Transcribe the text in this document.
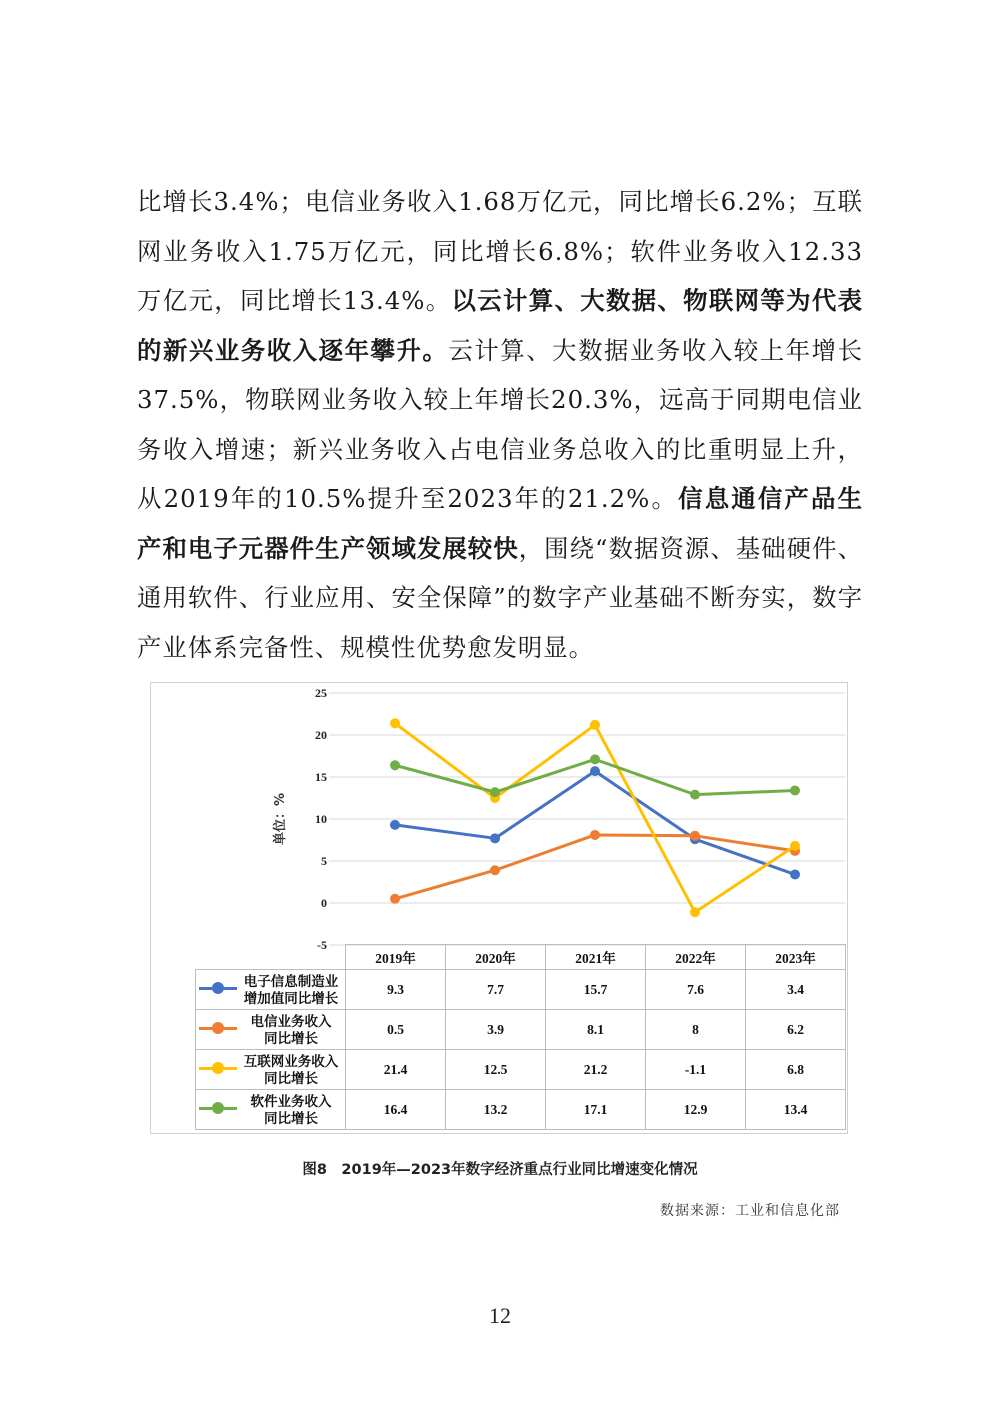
比增长3.4%；电信业务收入1.68万亿元，同比增长6.2%；互联网业务收入1.75万亿元，同比增长6.8%；软件业务收入12.33万亿元，同比增长13.4%。以云计算、大数据、物联网等为代表的新兴业务收入逐年攀升。云计算、大数据业务收入较上年增长37.5%，物联网业务收入较上年增长20.3%，远高于同期电信业务收入增速；新兴业务收入占电信业务总收入的比重明显上升，从2019年的10.5%提升至2023年的21.2%。信息通信产品生产和电子元器件生产领域发展较快，围绕“数据资源、基础硬件、通用软件、行业应用、安全保障”的数字产业基础不断夯实，数字产业体系完备性、规模性优势愈发明显。

25
20
15
10
5
0
-5
单位：%
	2019年	2020年	2021年	2022年	2023年

电子信息制造业
增加值同比增长	9.3	7.7	15.7	7.6	3.4

电信业务收入
同比增长	0.5	3.9	8.1	8	6.2

互联网业务收入
同比增长	21.4	12.5	21.2	-1.1	6.8

软件业务收入
同比增长	16.4	13.2	17.1	12.9	13.4
图8　2019年—2023年数字经济重点行业同比增速变化情况
数据来源：工业和信息化部
12
